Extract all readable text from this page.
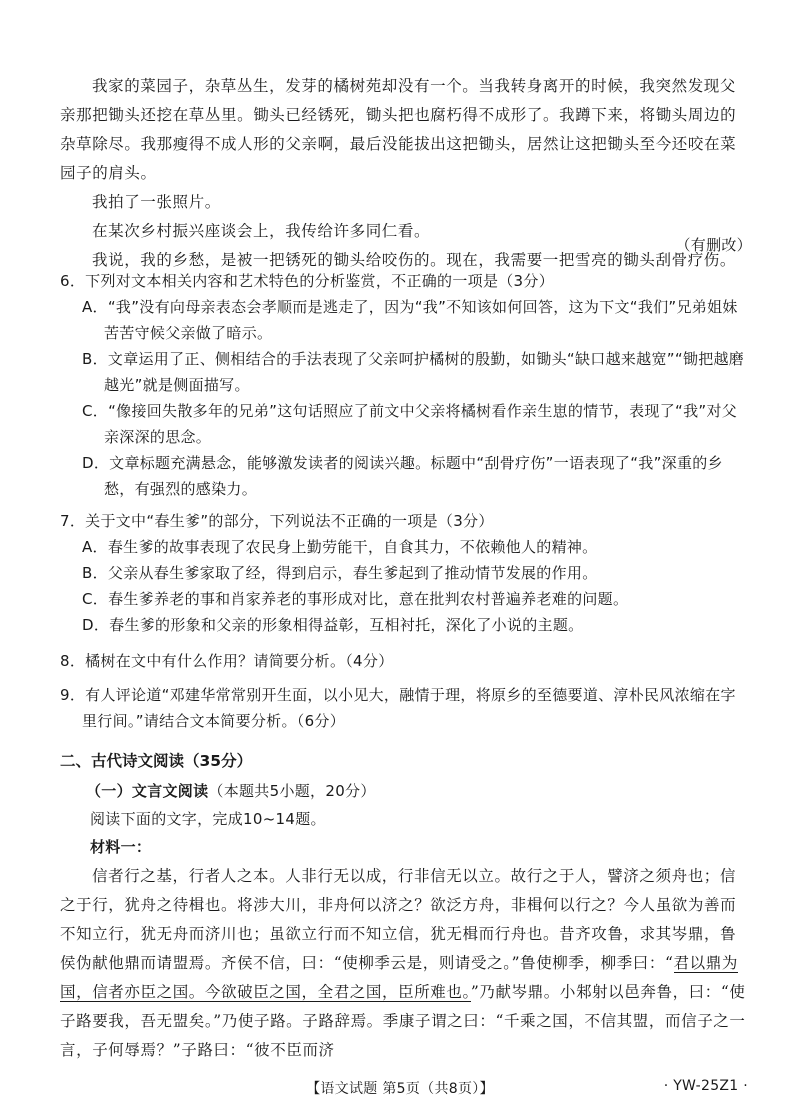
我家的菜园子，杂草丛生，发芽的橘树苑却没有一个。当我转身离开的时候，我突然发现父亲那把锄头还挖在草丛里。锄头已经锈死，锄头把也腐朽得不成形了。我蹲下来，将锄头周边的杂草除尽。我那瘦得不成人形的父亲啊，最后没能拔出这把锄头，居然让这把锄头至今还咬在菜园子的肩头。

我拍了一张照片。

在某次乡村振兴座谈会上，我传给许多同仁看。

我说，我的乡愁，是被一把锈死的锄头给咬伤的。现在，我需要一把雪亮的锄头刮骨疗伤。

（有删改）

6．下列对文本相关内容和艺术特色的分析鉴赏，不正确的一项是（3分）

A．“我”没有向母亲表态会孝顺而是逃走了，因为“我”不知该如何回答，这为下文“我们”兄弟姐妹苦苦守候父亲做了暗示。

B．文章运用了正、侧相结合的手法表现了父亲呵护橘树的殷勤，如锄头“缺口越来越宽”“锄把越磨越光”就是侧面描写。

C．“像接回失散多年的兄弟”这句话照应了前文中父亲将橘树看作亲生崽的情节，表现了“我”对父亲深深的思念。

D．文章标题充满悬念，能够激发读者的阅读兴趣。标题中“刮骨疗伤”一语表现了“我”深重的乡愁，有强烈的感染力。

7．关于文中“春生爹”的部分，下列说法不正确的一项是（3分）

A．春生爹的故事表现了农民身上勤劳能干，自食其力，不依赖他人的精神。

B．父亲从春生爹家取了经，得到启示，春生爹起到了推动情节发展的作用。

C．春生爹养老的事和肖家养老的事形成对比，意在批判农村普遍养老难的问题。

D．春生爹的形象和父亲的形象相得益彰，互相衬托，深化了小说的主题。

8．橘树在文中有什么作用？请简要分析。（4分）

9．有人评论道“邓建华常常别开生面，以小见大，融情于理，将原乡的至德要道、淳朴民风浓缩在字里行间。”请结合文本简要分析。（6分）

二、古代诗文阅读（35分）

（一）文言文阅读（本题共5小题，20分）

阅读下面的文字，完成10~14题。

材料一：

信者行之基，行者人之本。人非行无以成，行非信无以立。故行之于人，譬济之须舟也；信之于行，犹舟之待楫也。将涉大川，非舟何以济之？欲泛方舟，非楫何以行之？今人虽欲为善而不知立行，犹无舟而济川也；虽欲立行而不知立信，犹无楫而行舟也。昔齐攻鲁，求其岑鼎，鲁侯伪献他鼎而请盟焉。齐侯不信，曰：“使柳季云是，则请受之。”鲁使柳季，柳季曰：“君以鼎为国，信者亦臣之国。今欲破臣之国，全君之国，臣所难也。”乃献岑鼎。小邾射以邑奔鲁，曰：“使子路要我，吾无盟矣。”乃使子路。子路辞焉。季康子谓之曰：“千乘之国，不信其盟，而信子之一言，子何辱焉？”子路曰：“彼不臣而济

【语文试题 第5页（共8页）】	· YW-25Z1 ·
